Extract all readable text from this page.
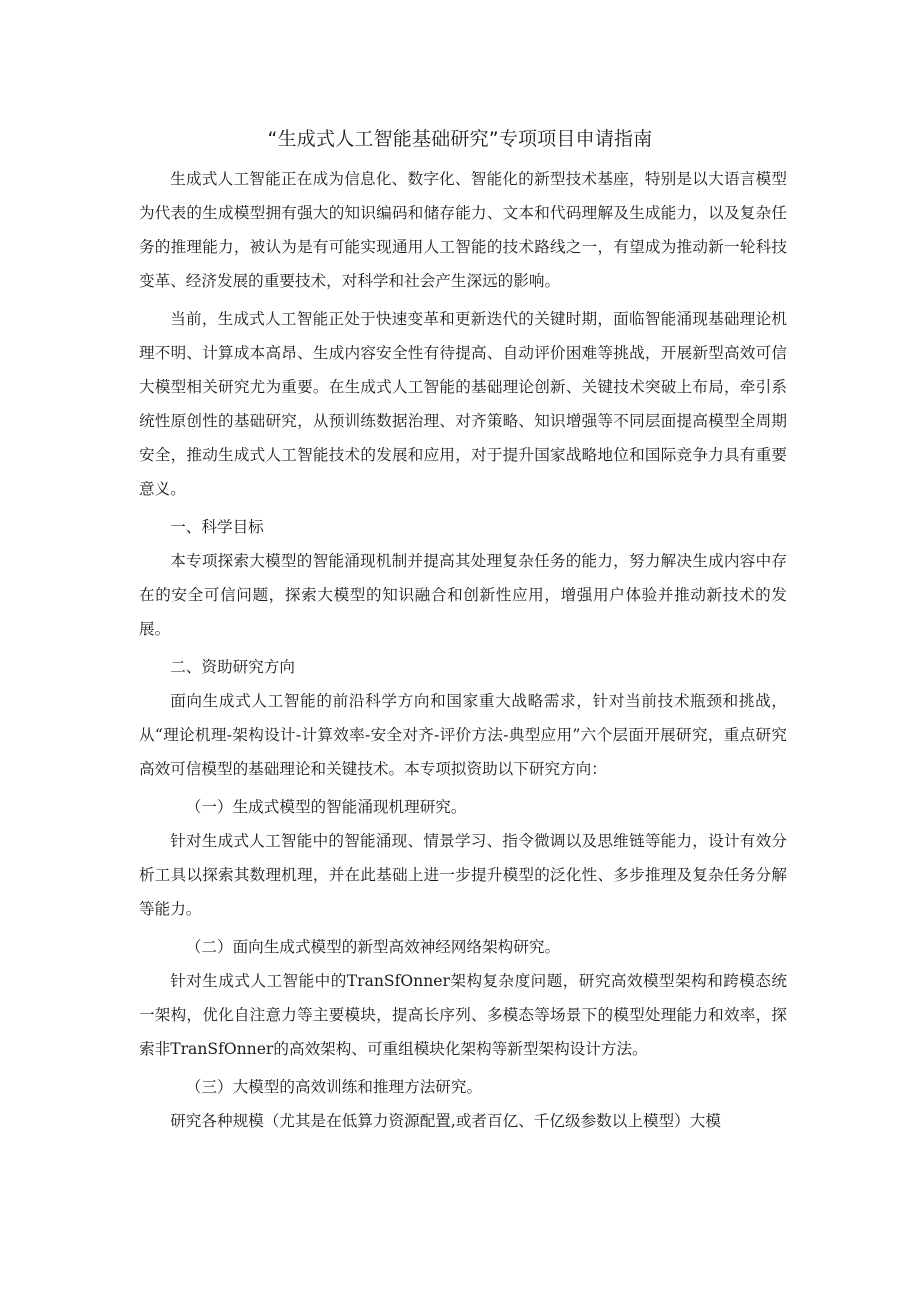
“生成式人工智能基础研究”专项项目申请指南

生成式人工智能正在成为信息化、数字化、智能化的新型技术基座，特别是以大语言模型为代表的生成模型拥有强大的知识编码和储存能力、文本和代码理解及生成能力，以及复杂任务的推理能力，被认为是有可能实现通用人工智能的技术路线之一，有望成为推动新一轮科技变革、经济发展的重要技术，对科学和社会产生深远的影响。

当前，生成式人工智能正处于快速变革和更新迭代的关键时期，面临智能涌现基础理论机理不明、计算成本高昂、生成内容安全性有待提高、自动评价困难等挑战，开展新型高效可信大模型相关研究尤为重要。在生成式人工智能的基础理论创新、关键技术突破上布局，牵引系统性原创性的基础研究，从预训练数据治理、对齐策略、知识增强等不同层面提高模型全周期安全，推动生成式人工智能技术的发展和应用，对于提升国家战略地位和国际竞争力具有重要意义。

一、科学目标

本专项探索大模型的智能涌现机制并提高其处理复杂任务的能力，努力解决生成内容中存在的安全可信问题，探索大模型的知识融合和创新性应用，增强用户体验并推动新技术的发展。

二、资助研究方向

面向生成式人工智能的前沿科学方向和国家重大战略需求，针对当前技术瓶颈和挑战，从“理论机理-架构设计-计算效率-安全对齐-评价方法-典型应用”六个层面开展研究，重点研究高效可信模型的基础理论和关键技术。本专项拟资助以下研究方向：

（一）生成式模型的智能涌现机理研究。

针对生成式人工智能中的智能涌现、情景学习、指令微调以及思维链等能力，设计有效分析工具以探索其数理机理，并在此基础上进一步提升模型的泛化性、多步推理及复杂任务分解等能力。

（二）面向生成式模型的新型高效神经网络架构研究。

针对生成式人工智能中的TranSfOnner架构复杂度问题，研究高效模型架构和跨模态统一架构，优化自注意力等主要模块，提高长序列、多模态等场景下的模型处理能力和效率，探索非TranSfOnner的高效架构、可重组模块化架构等新型架构设计方法。

（三）大模型的高效训练和推理方法研究。

研究各种规模（尤其是在低算力资源配置,或者百亿、千亿级参数以上模型）大模
